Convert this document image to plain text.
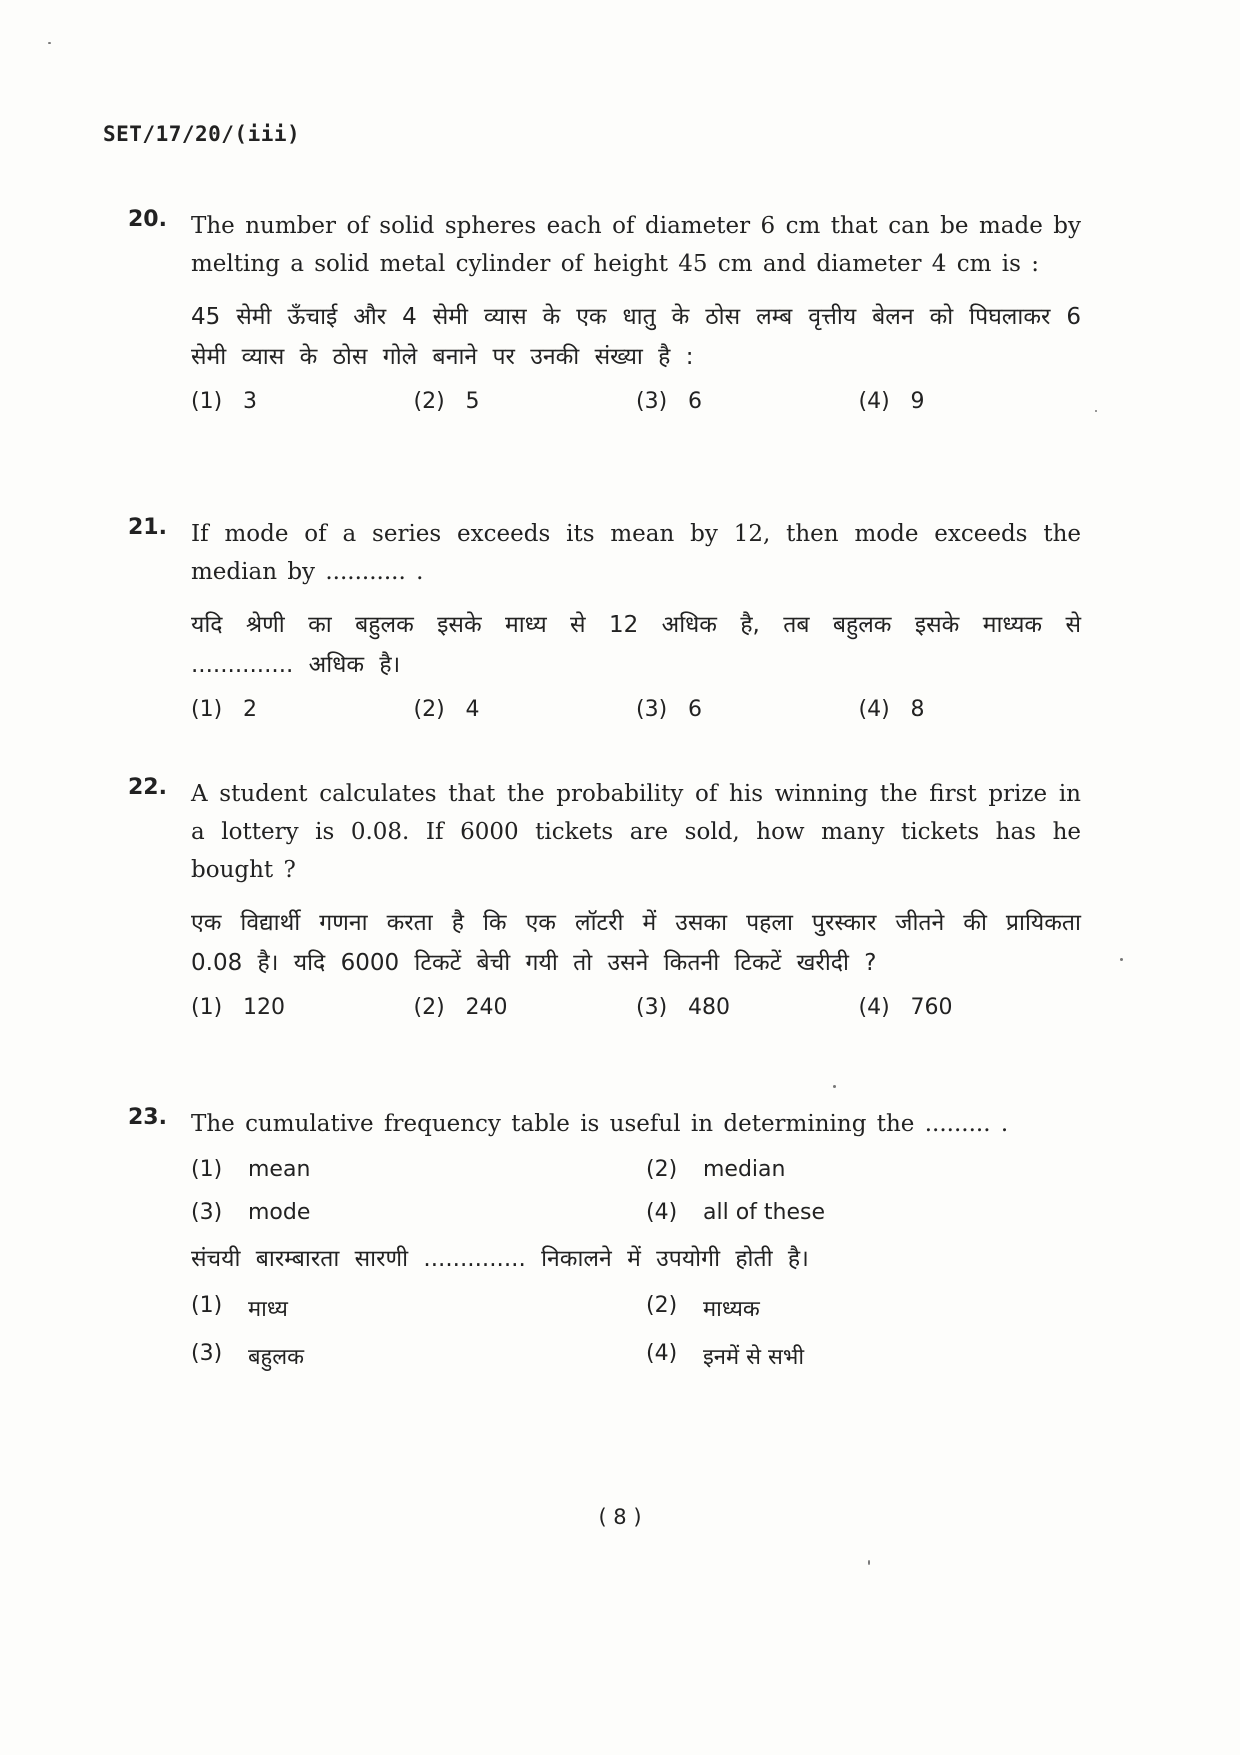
SET/17/20/(iii)
20. The number of solid spheres each of diameter 6 cm that can be made by melting a solid metal cylinder of height 45 cm and diameter 4 cm is :
45 सेमी ऊँचाई और 4 सेमी व्यास के एक धातु के ठोस लम्ब वृत्तीय बेलन को पिघलाकर 6 सेमी व्यास के ठोस गोले बनाने पर उनकी संख्या है :
(1) 3	(2) 5	(3) 6	(4) 9
21. If mode of a series exceeds its mean by 12, then mode exceeds the median by ........... .
यदि श्रेणी का बहुलक इसके माध्य से 12 अधिक है, तब बहुलक इसके माध्यक से .............. अधिक है।
(1) 2	(2) 4	(3) 6	(4) 8
22. A student calculates that the probability of his winning the first prize in a lottery is 0.08. If 6000 tickets are sold, how many tickets has he bought ?
एक विद्यार्थी गणना करता है कि एक लॉटरी में उसका पहला पुरस्कार जीतने की प्रायिकता 0.08 है। यदि 6000 टिकटें बेची गयी तो उसने कितनी टिकटें खरीदी ?
(1) 120	(2) 240	(3) 480	(4) 760
23. The cumulative frequency table is useful in determining the ......... .
(1)	mean	(2)	median
(3)	mode	(4)	all of these
संचयी बारम्बारता सारणी .............. निकालने में उपयोगी होती है।
(1)	माध्य	(2)	माध्यक
(3)	बहुलक	(4)	इनमें से सभी
( 8 )
